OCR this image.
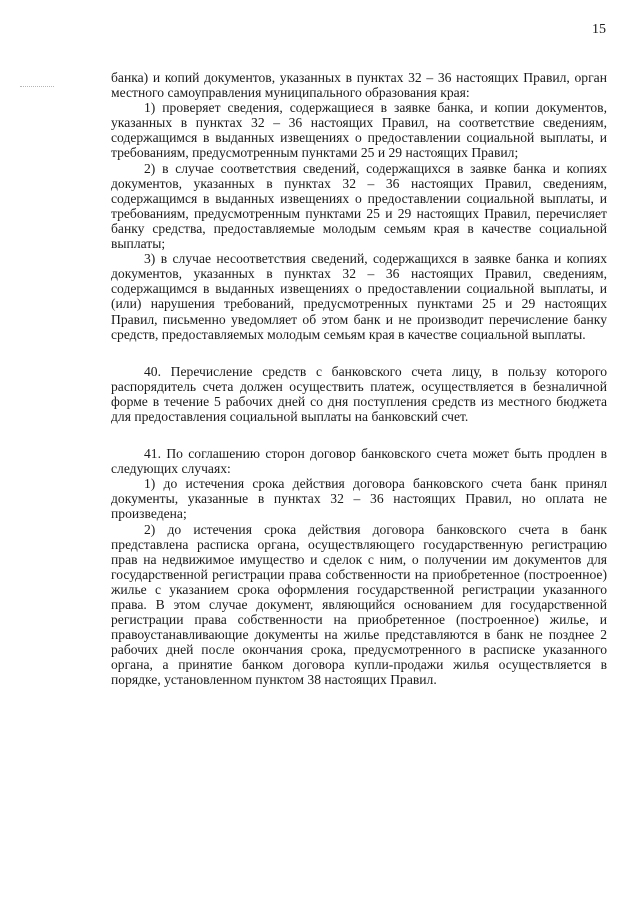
15

банка) и копий документов, указанных в пунктах 32 – 36 настоящих Правил, орган местного самоуправления муниципального образования края:

1) проверяет сведения, содержащиеся в заявке банка, и копии документов, указанных в пунктах 32 – 36 настоящих Правил, на соответствие сведениям, содержащимся в выданных извещениях о предоставлении социальной выплаты, и требованиям, предусмотренным пунктами 25 и 29 настоящих Правил;

2) в случае соответствия сведений, содержащихся в заявке банка и копиях документов, указанных в пунктах 32 – 36 настоящих Правил, сведениям, содержащимся в выданных извещениях о предоставлении социальной выплаты, и требованиям, предусмотренным пунктами 25 и 29 настоящих Правил, перечисляет банку средства, предоставляемые молодым семьям края в качестве социальной выплаты;

3) в случае несоответствия сведений, содержащихся в заявке банка и копиях документов, указанных в пунктах 32 – 36 настоящих Правил, сведениям, содержащимся в выданных извещениях о предоставлении социальной выплаты, и (или) нарушения требований, предусмотренных пунктами 25 и 29 настоящих Правил, письменно уведомляет об этом банк и не производит перечисление банку средств, предоставляемых молодым семьям края в качестве социальной выплаты.

40. Перечисление средств с банковского счета лицу, в пользу которого распорядитель счета должен осуществить платеж, осуществляется в безналичной форме в течение 5 рабочих дней со дня поступления средств из местного бюджета для предоставления социальной выплаты на банковский счет.

41. По соглашению сторон договор банковского счета может быть продлен в следующих случаях:

1) до истечения срока действия договора банковского счета банк принял документы, указанные в пунктах 32 – 36 настоящих Правил, но оплата не произведена;

2) до истечения срока действия договора банковского счета в банк представлена расписка органа, осуществляющего государственную регистрацию прав на недвижимое имущество и сделок с ним, о получении им документов для государственной регистрации права собственности на приобретенное (построенное) жилье с указанием срока оформления государственной регистрации указанного права. В этом случае документ, являющийся основанием для государственной регистрации права собственности на приобретенное (построенное) жилье, и правоустанавливающие документы на жилье представляются в банк не позднее 2 рабочих дней после окончания срока, предусмотренного в расписке указанного органа, а принятие банком договора купли-продажи жилья осуществляется в порядке, установленном пунктом 38 настоящих Правил.
